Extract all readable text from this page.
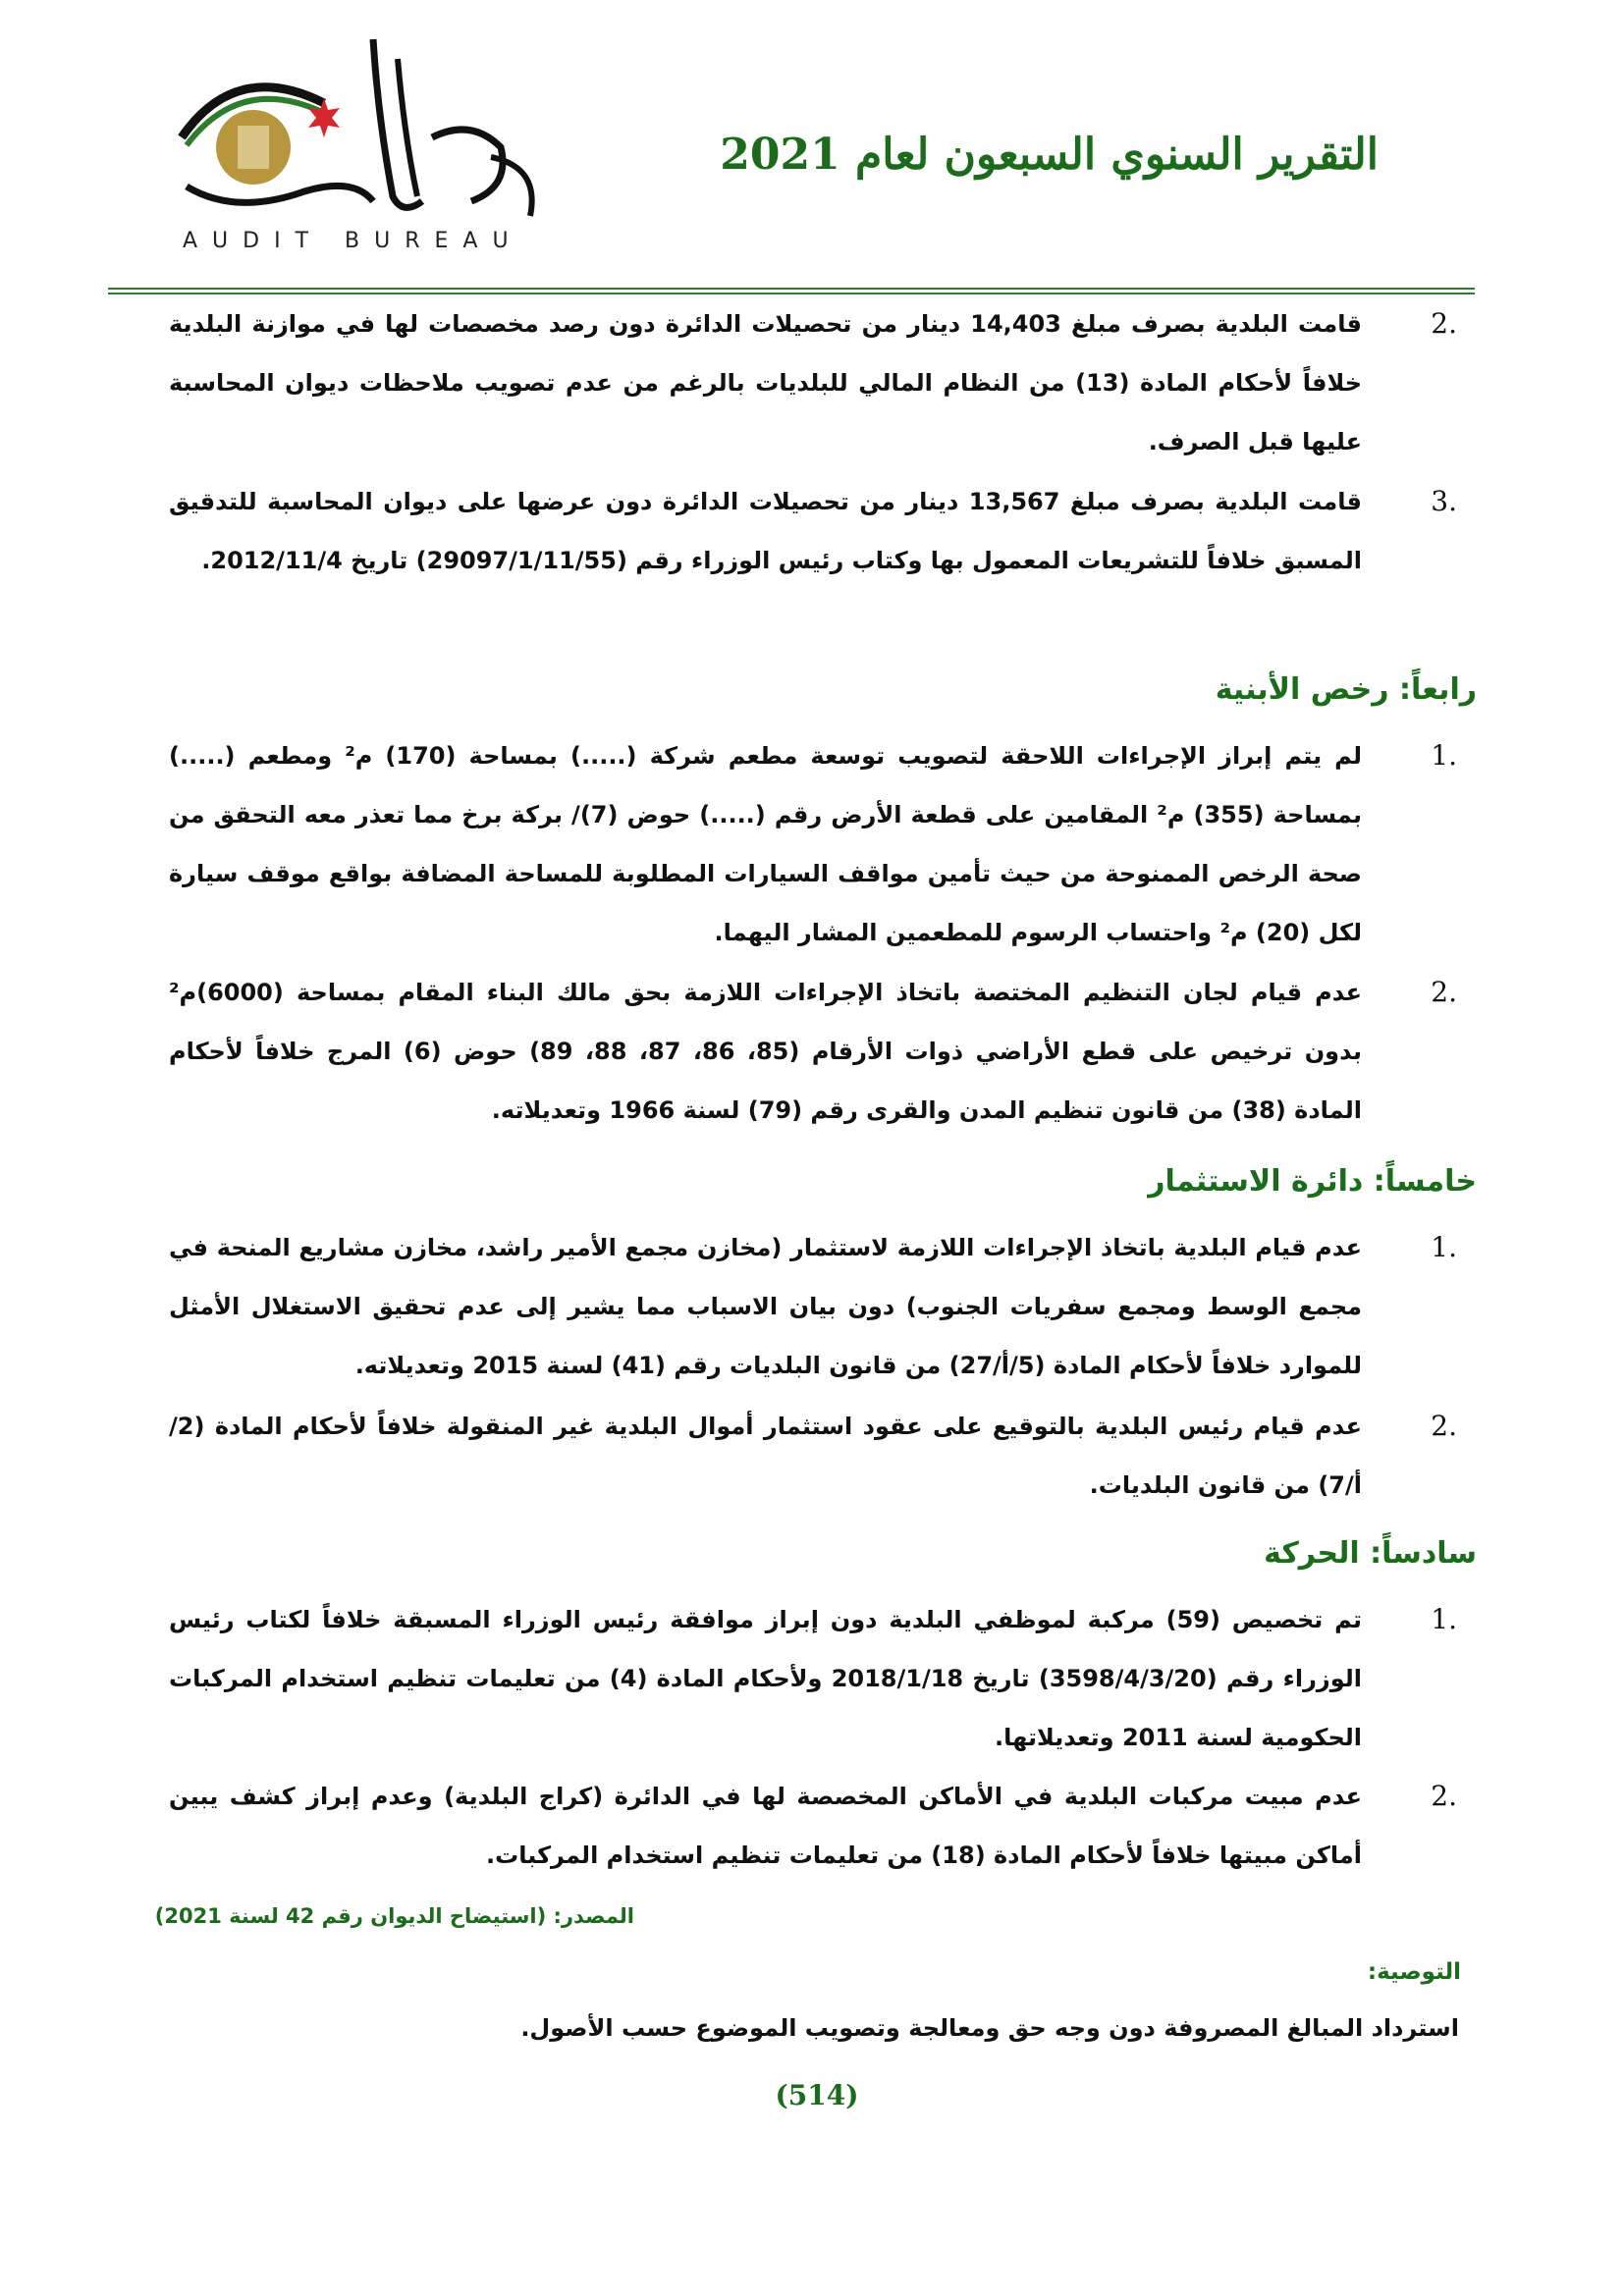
AUDIT BUREAU
التقرير السنوي السبعون لعام 2021
.2
قامت البلدية بصرف مبلغ 14,403 دينار من تحصيلات الدائرة دون رصد مخصصات لها في موازنة البلدية خلافاً لأحكام المادة (13) من النظام المالي للبلديات بالرغم من عدم تصويب ملاحظات ديوان المحاسبة عليها قبل الصرف.
.3
قامت البلدية بصرف مبلغ 13,567 دينار من تحصيلات الدائرة دون عرضها على ديوان المحاسبة للتدقيق المسبق خلافاً للتشريعات المعمول بها وكتاب رئيس الوزراء رقم (29097/1/11/55) تاريخ 2012/11/4.
رابعاً: رخص الأبنية
.1
لم يتم إبراز الإجراءات اللاحقة لتصويب توسعة مطعم شركة (.....) بمساحة (170) م² ومطعم (.....) بمساحة (355) م² المقامين على قطعة الأرض رقم (.....) حوض (7)/ بركة برخ مما تعذر معه التحقق من صحة الرخص الممنوحة من حيث تأمين مواقف السيارات المطلوبة للمساحة المضافة بواقع موقف سيارة لكل (20) م² واحتساب الرسوم للمطعمين المشار اليهما.
.2
عدم قيام لجان التنظيم المختصة باتخاذ الإجراءات اللازمة بحق مالك البناء المقام بمساحة (6000)م² بدون ترخيص على قطع الأراضي ذوات الأرقام (85، 86، 87، 88، 89) حوض (6) المرج خلافاً لأحكام المادة (38) من قانون تنظيم المدن والقرى رقم (79) لسنة 1966 وتعديلاته.
خامساً: دائرة الاستثمار
.1
عدم قيام البلدية باتخاذ الإجراءات اللازمة لاستثمار (مخازن مجمع الأمير راشد، مخازن مشاريع المنحة في مجمع الوسط ومجمع سفريات الجنوب) دون بيان الاسباب مما يشير إلى عدم تحقيق الاستغلال الأمثل للموارد خلافاً لأحكام المادة (5/أ/27) من قانون البلديات رقم (41) لسنة 2015 وتعديلاته.
.2
عدم قيام رئيس البلدية بالتوقيع على عقود استثمار أموال البلدية غير المنقولة خلافاً لأحكام المادة (2/أ/7) من قانون البلديات.
سادساً: الحركة
.1
تم تخصيص (59) مركبة لموظفي البلدية دون إبراز موافقة رئيس الوزراء المسبقة خلافاً لكتاب رئيس الوزراء رقم (3598/4/3/20) تاريخ 2018/1/18 ولأحكام المادة (4) من تعليمات تنظيم استخدام المركبات الحكومية لسنة 2011 وتعديلاتها.
.2
عدم مبيت مركبات البلدية في الأماكن المخصصة لها في الدائرة (كراج البلدية) وعدم إبراز كشف يبين أماكن مبيتها خلافاً لأحكام المادة (18) من تعليمات تنظيم استخدام المركبات.
المصدر: (استيضاح الديوان رقم 42 لسنة 2021)
التوصية:
استرداد المبالغ المصروفة دون وجه حق ومعالجة وتصويب الموضوع حسب الأصول.
(514)
